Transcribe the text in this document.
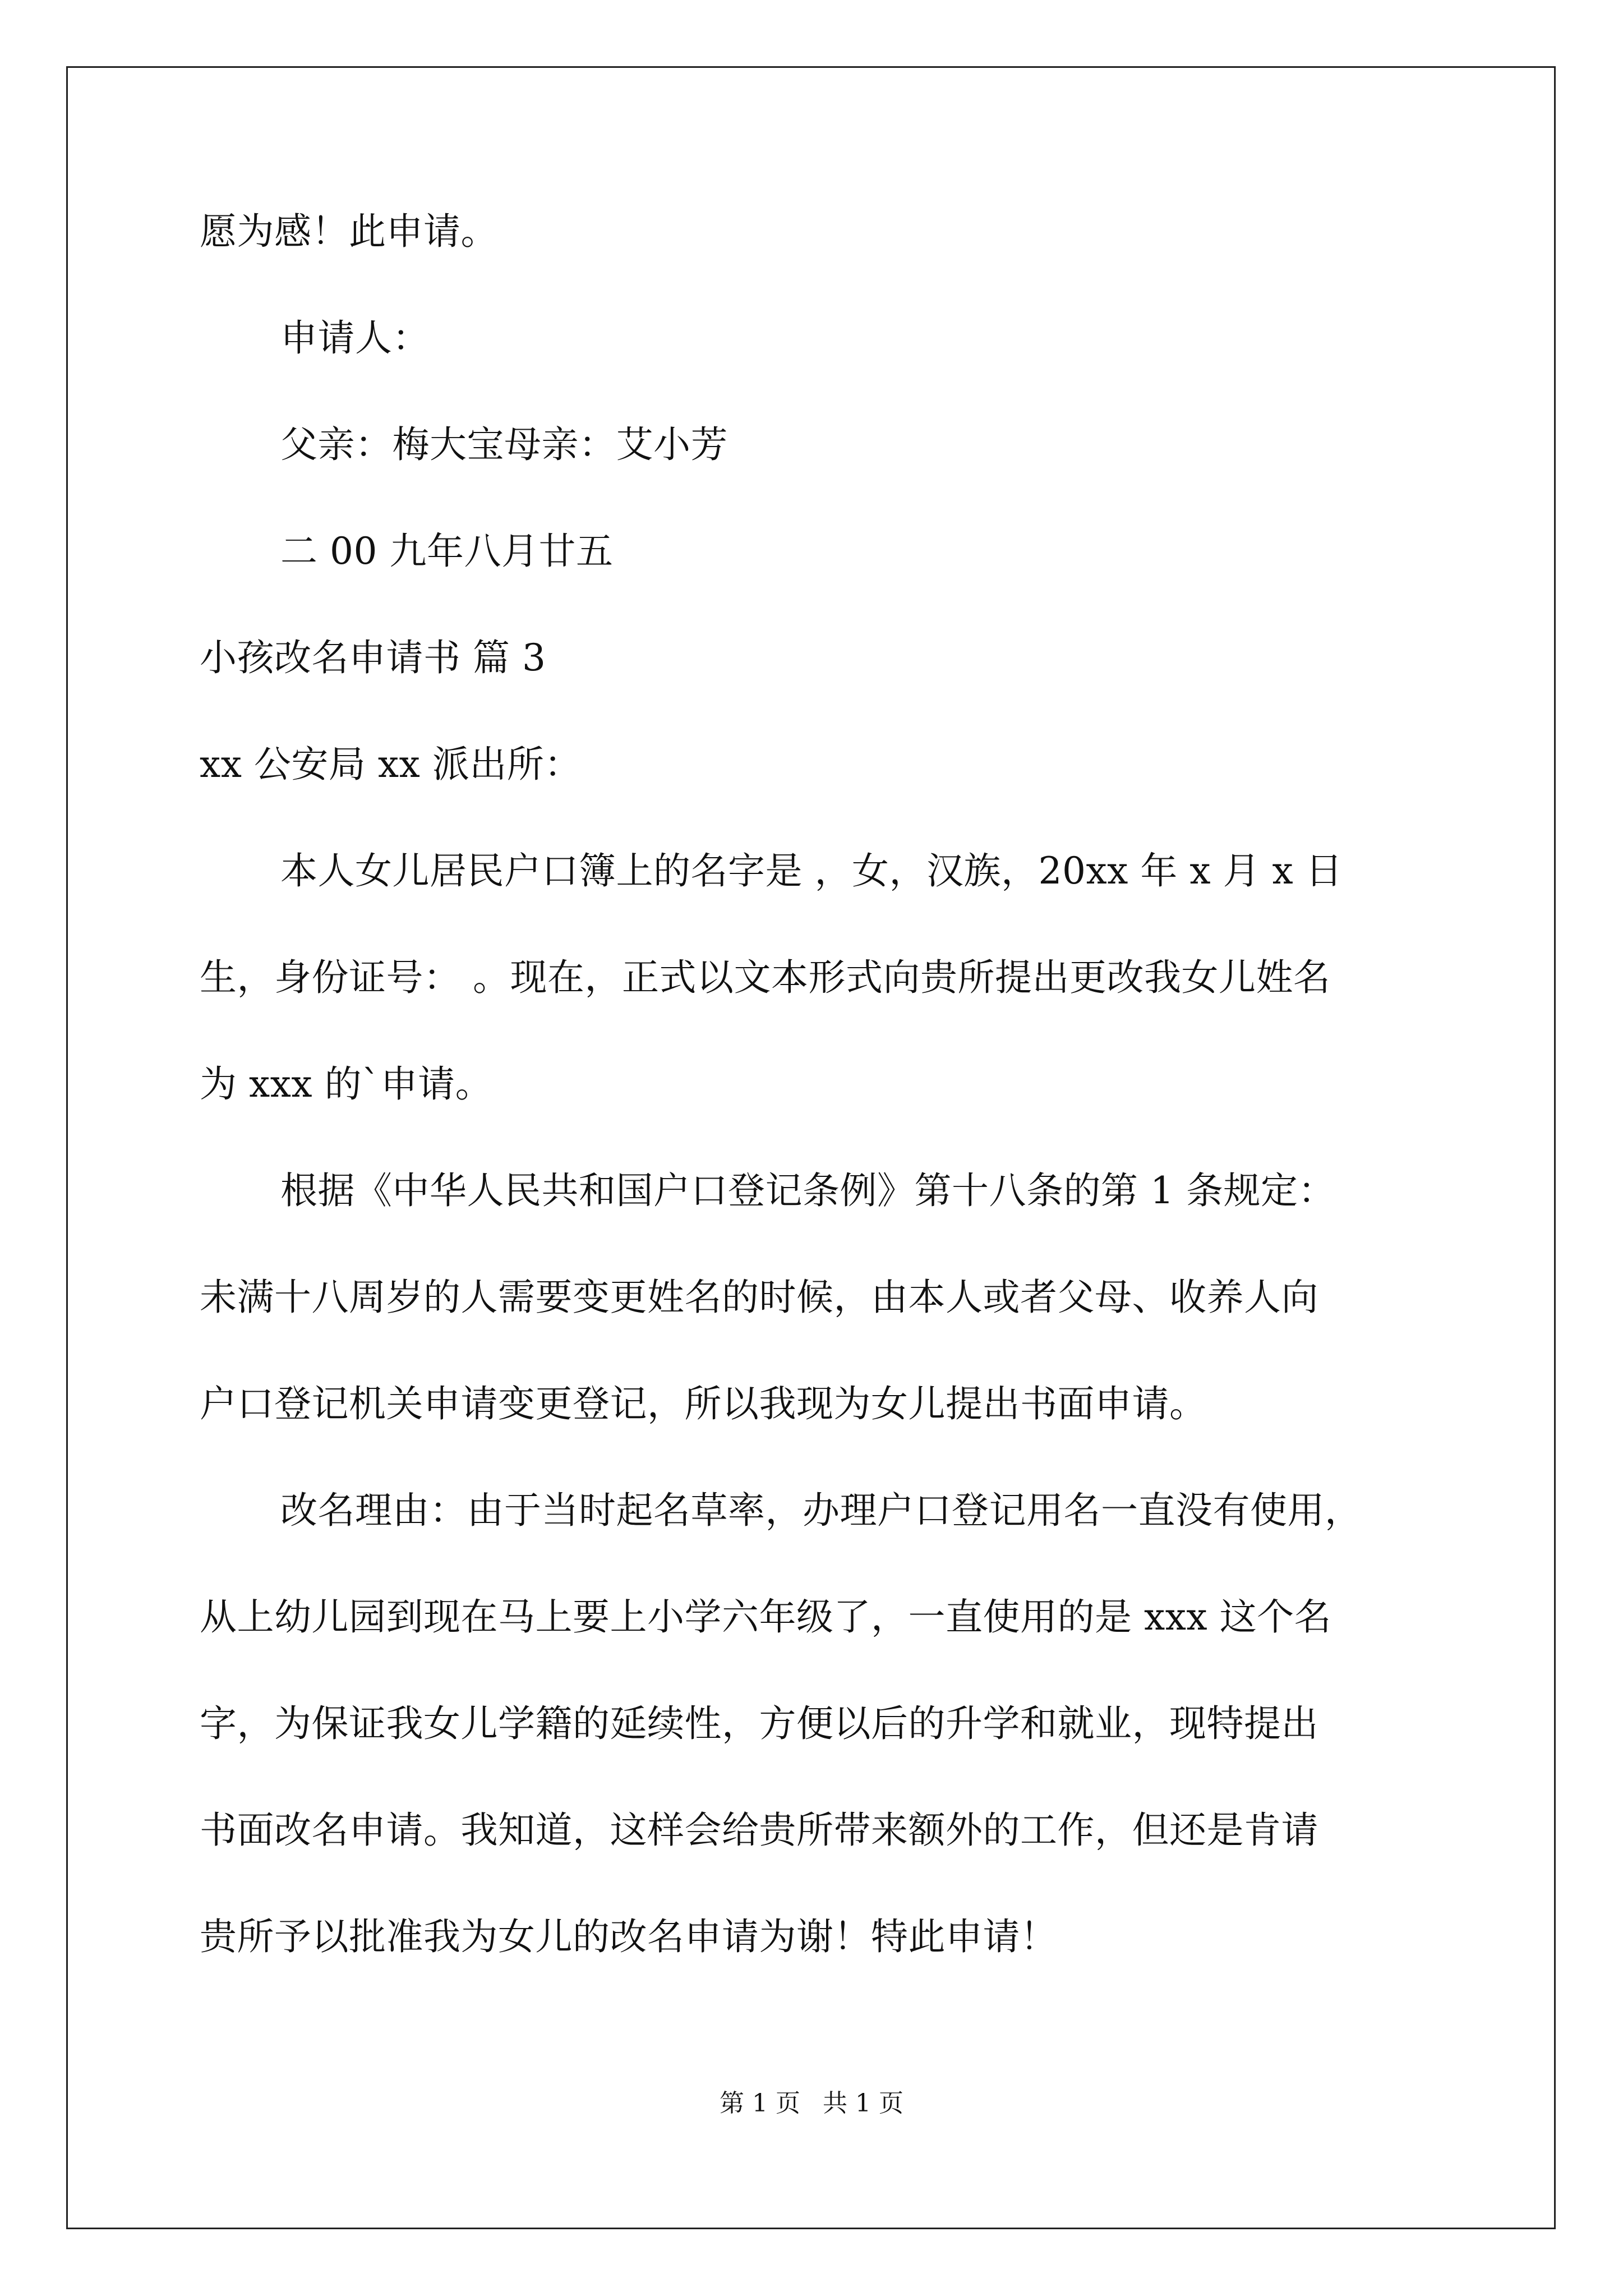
愿为感！此申请。
申请人：
父亲：梅大宝母亲：艾小芳
二 00 九年八月廿五
小孩改名申请书 篇 3
xx 公安局 xx 派出所：
本人女儿居民户口簿上的名字是 ，女，汉族，20xx 年 x 月 x 日
生，身份证号： 。现在，正式以文本形式向贵所提出更改我女儿姓名
为 xxx 的`申请。
根据《中华人民共和国户口登记条例》第十八条的第 1 条规定：
未满十八周岁的人需要变更姓名的时候，由本人或者父母、收养人向
户口登记机关申请变更登记，所以我现为女儿提出书面申请。
改名理由：由于当时起名草率，办理户口登记用名一直没有使用，
从上幼儿园到现在马上要上小学六年级了，一直使用的是 xxx 这个名
字，为保证我女儿学籍的延续性，方便以后的升学和就业，现特提出
书面改名申请。我知道，这样会给贵所带来额外的工作，但还是肯请
贵所予以批准我为女儿的改名申请为谢！特此申请！
第 1 页 共 1 页
